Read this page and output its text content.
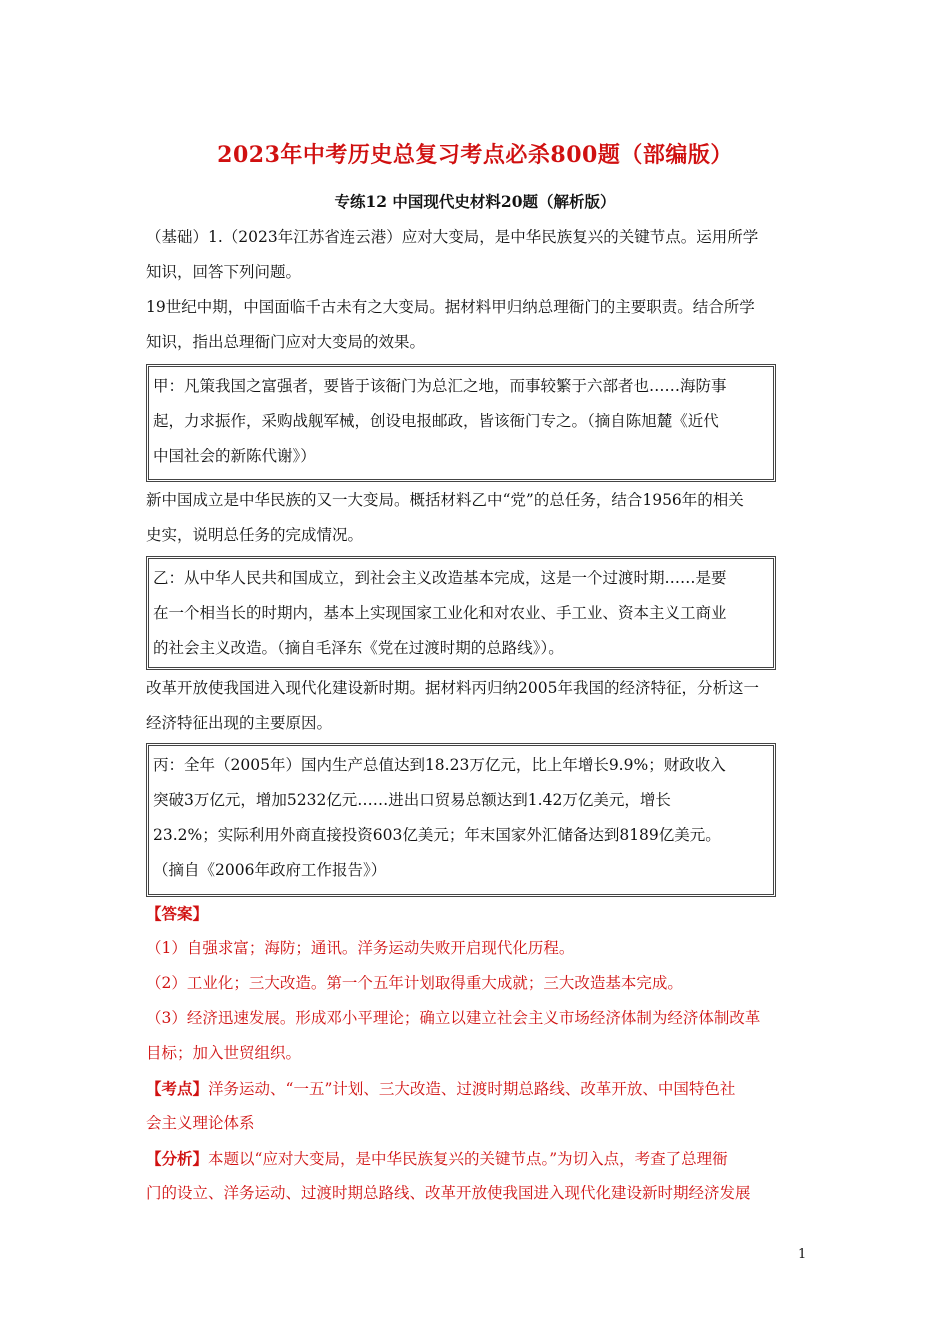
2023年中考历史总复习考点必杀800题（部编版）
专练12 中国现代史材料20题（解析版）
（基础）1.（2023年江苏省连云港）应对大变局，是中华民族复兴的关键节点。运用所学
知识，回答下列问题。
19世纪中期，中国面临千古未有之大变局。据材料甲归纳总理衙门的主要职责。结合所学
知识，指出总理衙门应对大变局的效果。
甲：凡策我国之富强者，要皆于该衙门为总汇之地，而事较繁于六部者也……海防事
起，力求振作，采购战舰军械，创设电报邮政，皆该衙门专之。（摘自陈旭麓《近代
中国社会的新陈代谢》）
新中国成立是中华民族的又一大变局。概括材料乙中“党”的总任务，结合1956年的相关
史实，说明总任务的完成情况。
乙：从中华人民共和国成立，到社会主义改造基本完成，这是一个过渡时期……是要
在一个相当长的时期内，基本上实现国家工业化和对农业、手工业、资本主义工商业
的社会主义改造。（摘自毛泽东《党在过渡时期的总路线》）。
改革开放使我国进入现代化建设新时期。据材料丙归纳2005年我国的经济特征，分析这一
经济特征出现的主要原因。
丙：全年（2005年）国内生产总值达到18.23万亿元，比上年增长9.9%；财政收入
突破3万亿元，增加5232亿元……进出口贸易总额达到1.42万亿美元，增长
23.2%；实际利用外商直接投资603亿美元；年末国家外汇储备达到8189亿美元。
（摘自《2006年政府工作报告》）
【答案】
（1）自强求富；海防；通讯。洋务运动失败开启现代化历程。
（2）工业化；三大改造。第一个五年计划取得重大成就；三大改造基本完成。
（3）经济迅速发展。形成邓小平理论；确立以建立社会主义市场经济体制为经济体制改革
目标；加入世贸组织。
【考点】洋务运动、“一五”计划、三大改造、过渡时期总路线、改革开放、中国特色社
会主义理论体系
【分析】本题以“应对大变局，是中华民族复兴的关键节点。”为切入点，考查了总理衙
门的设立、洋务运动、过渡时期总路线、改革开放使我国进入现代化建设新时期经济发展
1
